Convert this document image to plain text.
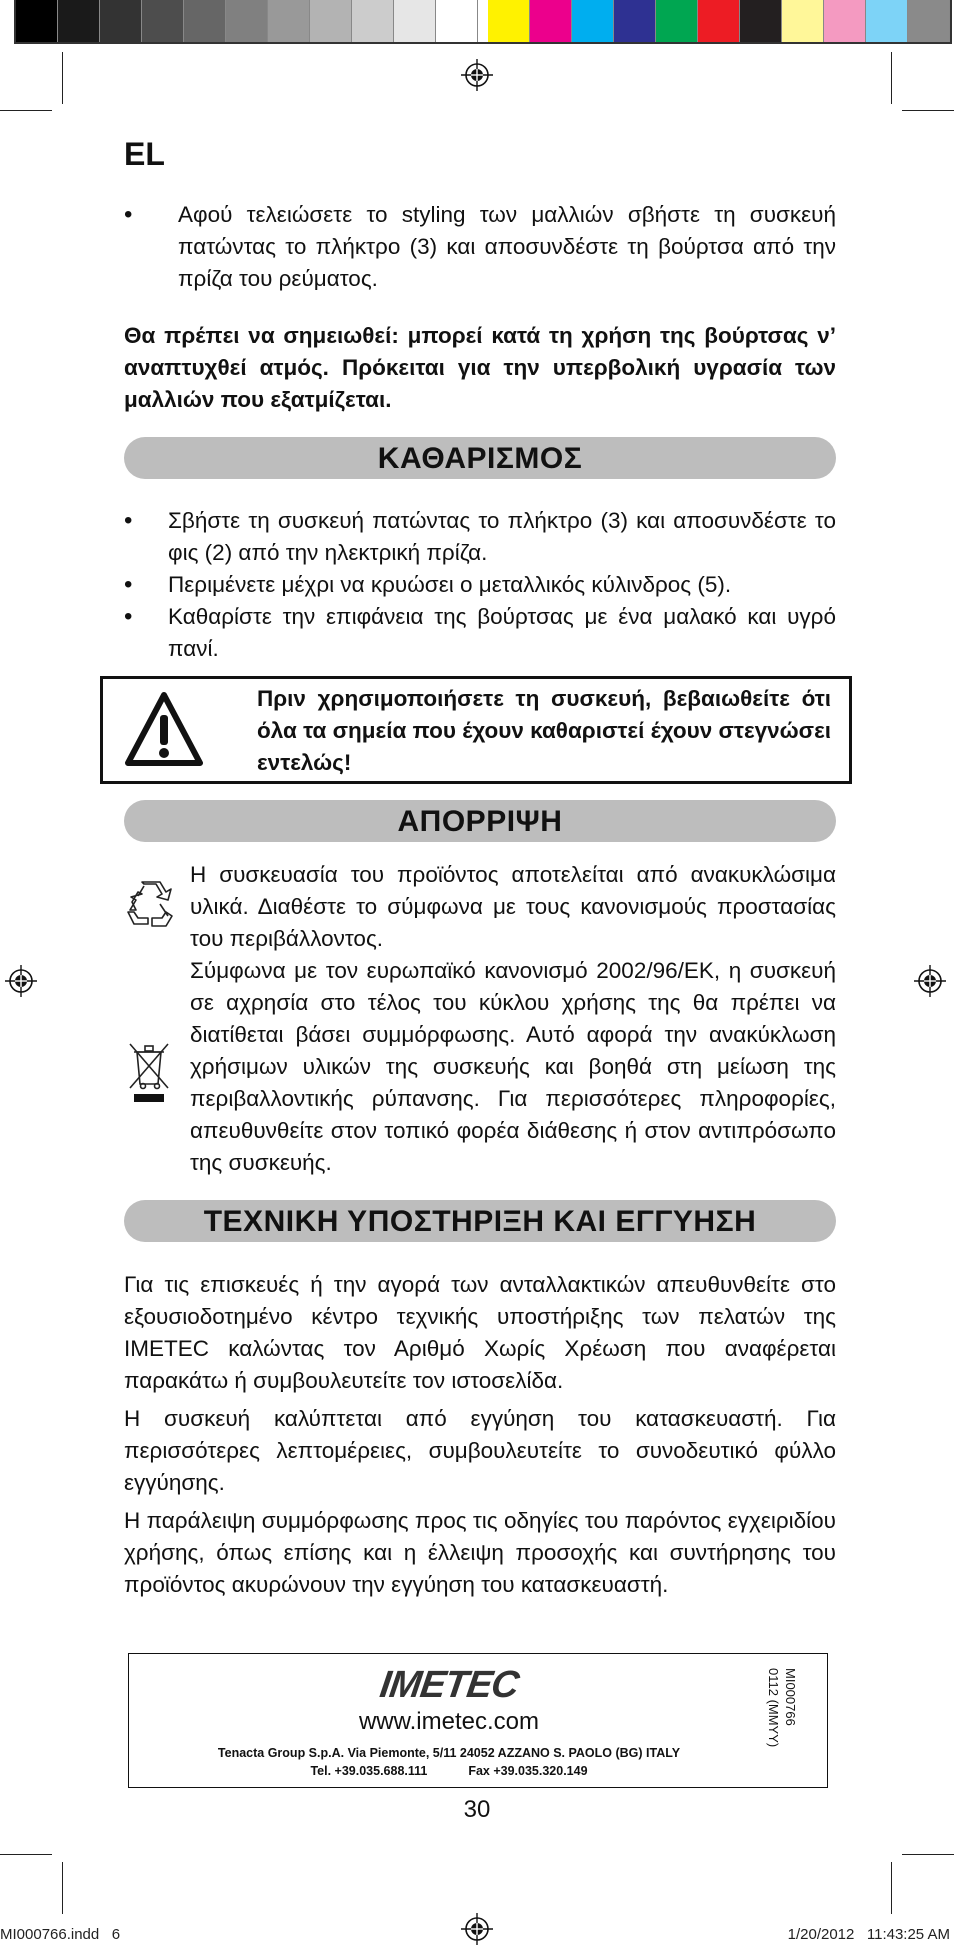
EL
• Αφού τελειώσετε το styling των μαλλιών σβήστε τη συσκευή πατώντας το πλήκτρο (3) και αποσυνδέστε τη βούρτσα από την πρίζα του ρεύματος.
Θα πρέπει να σημειωθεί: μπορεί κατά τη χρήση της βούρτσας ν’ αναπτυχθεί ατμός. Πρόκειται για την υπερβολική υγρασία των μαλλιών που εξατμίζεται.
ΚΑΘΑΡΙΣΜΟΣ
• Σβήστε τη συσκευή πατώντας το πλήκτρο (3) και αποσυνδέστε το φις (2) από την ηλεκτρική πρίζα.
• Περιμένετε μέχρι να κρυώσει ο μεταλλικός κύλινδρος (5).
• Καθαρίστε την επιφάνεια της βούρτσας με ένα μαλακό και υγρό πανί.
Πριν χρησιμοποιήσετε τη συσκευή, βεβαιωθείτε ότι όλα τα σημεία που έχουν καθαριστεί έχουν στεγνώσει εντελώς!
ΑΠΟΡΡΙΨΗ
Η συσκευασία του προϊόντος αποτελείται από ανακυκλώσιμα υλικά. Διαθέστε το σύμφωνα με τους κανονισμούς προστασίας του περιβάλλοντος.
Σύμφωνα με τον ευρωπαϊκό κανονισμό 2002/96/ΕΚ, η συσκευή σε αχρησία στο τέλος του κύκλου χρήσης της θα πρέπει να διατίθεται βάσει συμμόρφωσης. Αυτό αφορά την ανακύκλωση χρήσιμων υλικών της συσκευής και βοηθά στη μείωση της περιβαλλοντικής ρύπανσης. Για περισσότερες πληροφορίες, απευθυνθείτε στον τοπικό φορέα διάθεσης ή στον αντιπρόσωπο της συσκευής.
ΤΕΧΝΙΚΗ ΥΠΟΣΤΗΡΙΞΗ ΚΑΙ ΕΓΓΥΗΣΗ
Για τις επισκευές ή την αγορά των ανταλλακτικών απευθυνθείτε στο εξουσιοδοτημένο κέντρο τεχνικής υποστήριξης των πελατών της IMETEC καλώντας τον Αριθμό Χωρίς Χρέωση που αναφέρεται παρακάτω ή συμβουλευτείτε τον ιστοσελίδα.
Η συσκευή καλύπτεται από εγγύηση του κατασκευαστή. Για περισσότερες λεπτομέρειες, συμβουλευτείτε το συνοδευτικό φύλλο εγγύησης.
Η παράλειψη συμμόρφωσης προς τις οδηγίες του παρόντος εγχειριδίου χρήσης, όπως επίσης και η έλλειψη προσοχής και συντήρησης του προϊόντος ακυρώνουν την εγγύηση του κατασκευαστή.
IMETEC
www.imetec.com
Tenacta Group S.p.A. Via Piemonte, 5/11 24052 AZZANO S. PAOLO (BG) ITALY
Tel. +39.035.688.111	Fax +39.035.320.149
MI000766
0112 (MMYY)
30
MI000766.indd   6	1/20/2012   11:43:25 AM
